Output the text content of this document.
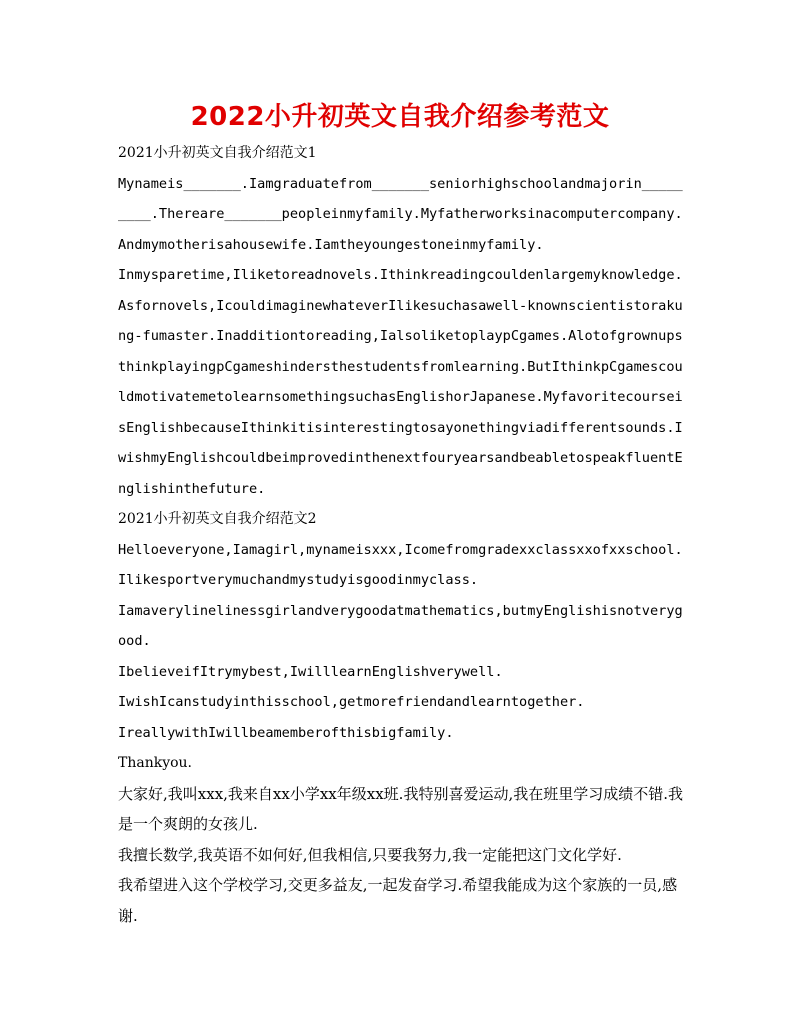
2022小升初英文自我介绍参考范文

2021小升初英文自我介绍范文1

Mynameis_______.Iamgraduatefrom_______seniorhighschoolandmajorin_________.Thereare_______peopleinmyfamily.Myfatherworksinacomputercompany.Andmymotherisahousewife.Iamtheyoungestoneinmyfamily.

Inmysparetime,Iliketoreadnovels.Ithinkreadingcouldenlargemyknowledge.Asfornovels,IcouldimaginewhateverIlikesuchasawell-knownscientistorakung-fumaster.Inadditiontoreading,IalsoliketoplaypCgames.AlotofgrownupsthinkplayingpCgameshindersthestudentsfromlearning.ButIthinkpCgamescouldmotivatemetolearnsomethingsuchasEnglishorJapanese.MyfavoritecourseisEnglishbecauseIthinkitisinterestingtosayonethingviadifferentsounds.IwishmyEnglishcouldbeimprovedinthenextfouryearsandbeabletospeakfluentEnglishinthefuture.

2021小升初英文自我介绍范文2

Helloeveryone,Iamagirl,mynameisxxx,Icomefromgradexxclassxxofxxschool.Ilikesportverymuchandmystudyisgoodinmyclass.

Iamaverylinelinessgirlandverygoodatmathematics,butmyEnglishisnotverygood.

IbelieveifItrymybest,IwilllearnEnglishverywell.

IwishIcanstudyinthisschool,getmorefriendandlearntogether.

IreallywithIwillbeamemberofthisbigfamily.

Thankyou.

大家好,我叫xxx,我来自xx小学xx年级xx班.我特别喜爱运动,我在班里学习成绩不错.我是一个爽朗的女孩儿.

我擅长数学,我英语不如何好,但我相信,只要我努力,我一定能把这门文化学好.

我希望进入这个学校学习,交更多益友,一起发奋学习.希望我能成为这个家族的一员,感谢.
